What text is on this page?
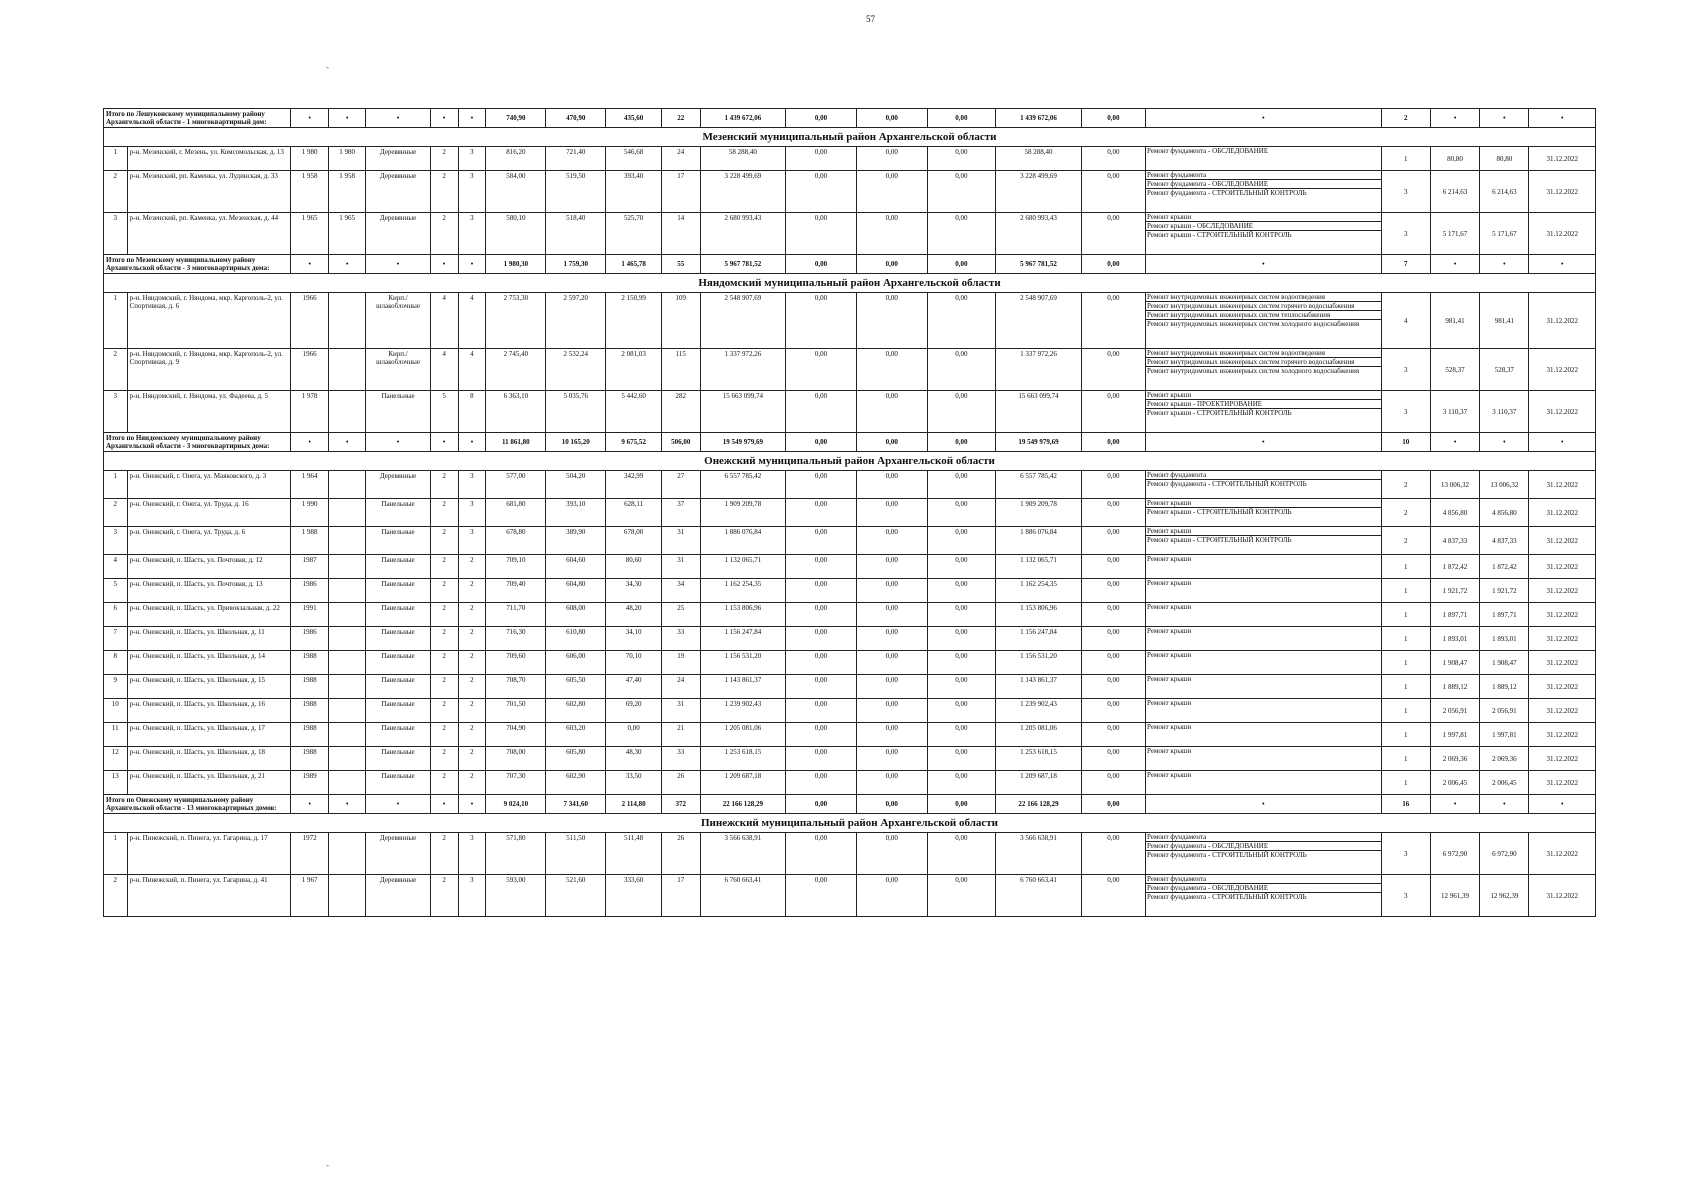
57
-
-
Итого по Лешуконскому муниципальному району Архангельской области - 1 многоквартирный дом:		•	•	•	•	•	740,90	470,90	435,60	22	1 439 672,06	0,00	0,00	0,00	1 439 672,06	0,00	•	2	•	•	•
Мезенский муниципальный район Архангельской области																					
1	р-н. Мезенский, г. Мезень, ул. Комсомольская, д. 13	1 980	1 980	Деревянные	2	3	816,20	721,40	546,68	24	58 288,40	0,00	0,00	0,00	58 288,40	0,00	Ремонт фундамента - ОБСЛЕДОВАНИЕ	1	80,80	80,80	31.12.2022
2	р-н. Мезенский, рп. Каменка, ул. Лудинская, д. 33	1 958	1 958	Деревянные	2	3	584,00	519,50	393,40	17	3 228 499,69	0,00	0,00	0,00	3 228 499,69	0,00	Ремонт фундамента
Ремонт фундамента - ОБСЛЕДОВАНИЕ
Ремонт фундамента - СТРОИТЕЛЬНЫЙ КОНТРОЛЬ	3	6 214,63	6 214,63	31.12.2022
3	р-н. Мезенский, рп. Каменка, ул. Мезенская, д. 44	1 965	1 965	Деревянные	2	3	580,10	518,40	525,70	14	2 680 993,43	0,00	0,00	0,00	2 680 993,43	0,00	Ремонт крыши
Ремонт крыши - ОБСЛЕДОВАНИЕ
Ремонт крыши - СТРОИТЕЛЬНЫЙ КОНТРОЛЬ	3	5 171,67	5 171,67	31.12.2022
Итого по Мезенскому муниципальному району Архангельской области - 3 многоквартирных дома:		•	•	•	•	•	1 980,30	1 759,30	1 465,78	55	5 967 781,52	0,00	0,00	0,00	5 967 781,52	0,00	•	7	•	•	•
Няндомский муниципальный район Архангельской области																					
1	р-н. Няндомский, г. Няндома, мкр. Каргополь-2, ул. Спортивная, д. 6	1966		Кирп./ шлакоблочные	4	4	2 753,30	2 597,20	2 150,99	109	2 548 907,69	0,00	0,00	0,00	2 548 907,69	0,00	Ремонт внутридомовых инженерных систем водоотведения
Ремонт внутридомовых инженерных систем горячего водоснабжения
Ремонт внутридомовых инженерных систем теплоснабжения
Ремонт внутридомовых инженерных систем холодного водоснабжения	4	981,41	981,41	31.12.2022
2	р-н. Няндомский, г. Няндома, мкр. Каргополь-2, ул. Спортивная, д. 9	1966		Кирп./ шлакоблочные	4	4	2 745,40	2 532,24	2 081,03	115	1 337 972,26	0,00	0,00	0,00	1 337 972,26	0,00	Ремонт внутридомовых инженерных систем водоотведения
Ремонт внутридомовых инженерных систем горячего водоснабжения
Ремонт внутридомовых инженерных систем холодного водоснабжения	3	528,37	528,37	31.12.2022
3	р-н. Няндомский, г. Няндома, ул. Фадеева, д. 5	1 978		Панельные	5	8	6 363,10	5 035,76	5 442,60	282	15 663 099,74	0,00	0,00	0,00	15 663 099,74	0,00	Ремонт крыши
Ремонт крыши - ПРОЕКТИРОВАНИЕ
Ремонт крыши - СТРОИТЕЛЬНЫЙ КОНТРОЛЬ	3	3 110,37	3 110,37	31.12.2022
Итого по Няндомскому муниципальному району Архангельской области - 3 многоквартирных дома:		•	•	•	•	•	11 861,80	10 165,20	9 675,52	506,00	19 549 979,69	0,00	0,00	0,00	19 549 979,69	0,00	•	10	•	•	•
Онежский муниципальный район Архангельской области																					
1	р-н. Онежский, г. Онега, ул. Маяковского, д. 3	1 964		Деревянные	2	3	577,00	504,20	342,99	27	6 557 785,42	0,00	0,00	0,00	6 557 785,42	0,00	Ремонт фундамента
Ремонт фундамента - СТРОИТЕЛЬНЫЙ КОНТРОЛЬ	2	13 006,32	13 006,32	31.12.2022
2	р-н. Онежский, г. Онега, ул. Труда, д. 16	1 990		Панельные	2	3	681,80	393,10	628,11	37	1 909 209,78	0,00	0,00	0,00	1 909 209,78	0,00	Ремонт крыши
Ремонт крыши - СТРОИТЕЛЬНЫЙ КОНТРОЛЬ	2	4 856,80	4 856,80	31.12.2022
3	р-н. Онежский, г. Онега, ул. Труда, д. 6	1 988		Панельные	2	3	678,80	389,90	678,00	31	1 886 076,84	0,00	0,00	0,00	1 886 076,84	0,00	Ремонт крыши
Ремонт крыши - СТРОИТЕЛЬНЫЙ КОНТРОЛЬ	2	4 837,33	4 837,33	31.12.2022
4	р-н. Онежский, п. Шасть, ул. Почтовая, д. 12	1987		Панельные	2	2	709,10	604,60	80,60	31	1 132 065,71	0,00	0,00	0,00	1 132 065,71	0,00	Ремонт крыши	1	1 872,42	1 872,42	31.12.2022
5	р-н. Онежский, п. Шасть, ул. Почтовая, д. 13	1986		Панельные	2	2	709,40	604,80	34,30	34	1 162 254,35	0,00	0,00	0,00	1 162 254,35	0,00	Ремонт крыши	1	1 921,72	1 921,72	31.12.2022
6	р-н. Онежский, п. Шасть, ул. Привокзальная, д. 22	1991		Панельные	2	2	711,70	608,00	48,20	25	1 153 806,96	0,00	0,00	0,00	1 153 806,96	0,00	Ремонт крыши	1	1 897,71	1 897,71	31.12.2022
7	р-н. Онежский, п. Шасть, ул. Школьная, д. 11	1986		Панельные	2	2	716,30	610,80	34,10	33	1 156 247,84	0,00	0,00	0,00	1 156 247,84	0,00	Ремонт крыши	1	1 893,01	1 893,01	31.12.2022
8	р-н. Онежский, п. Шасть, ул. Школьная, д. 14	1988		Панельные	2	2	709,60	606,00	70,10	19	1 156 531,20	0,00	0,00	0,00	1 156 531,20	0,00	Ремонт крыши	1	1 908,47	1 908,47	31.12.2022
9	р-н. Онежский, п. Шасть, ул. Школьная, д. 15	1988		Панельные	2	2	708,70	605,50	47,40	24	1 143 861,37	0,00	0,00	0,00	1 143 861,37	0,00	Ремонт крыши	1	1 889,12	1 889,12	31.12.2022
10	р-н. Онежский, п. Шасть, ул. Школьная, д. 16	1988		Панельные	2	2	701,50	602,80	69,20	31	1 239 902,43	0,00	0,00	0,00	1 239 902,43	0,00	Ремонт крыши	1	2 056,91	2 056,91	31.12.2022
11	р-н. Онежский, п. Шасть, ул. Школьная, д. 17	1988		Панельные	2	2	704,90	603,20	0,00	21	1 205 081,06	0,00	0,00	0,00	1 205 081,06	0,00	Ремонт крыши	1	1 997,81	1 997,81	31.12.2022
12	р-н. Онежский, п. Шасть, ул. Школьная, д. 18	1988		Панельные	2	2	708,00	605,80	48,30	33	1 253 618,15	0,00	0,00	0,00	1 253 618,15	0,00	Ремонт крыши	1	2 069,36	2 069,36	31.12.2022
13	р-н. Онежский, п. Шасть, ул. Школьная, д. 21	1989		Панельные	2	2	707,30	602,90	33,50	26	1 209 687,18	0,00	0,00	0,00	1 209 687,18	0,00	Ремонт крыши	1	2 006,45	2 006,45	31.12.2022
Итого по Онежскому муниципальному району Архангельской области - 13 многоквартирных домов:		•	•	•	•	•	9 024,10	7 341,60	2 114,80	372	22 166 128,29	0,00	0,00	0,00	22 166 128,29	0,00	•	16	•	•	•
Пинежский муниципальный район Архангельской области																					
1	р-н. Пинежский, п. Пинега, ул. Гагарина, д. 17	1972		Деревянные	2	3	571,80	511,50	511,48	26	3 566 638,91	0,00	0,00	0,00	3 566 638,91	0,00	Ремонт фундамента
Ремонт фундамента - ОБСЛЕДОВАНИЕ
Ремонт фундамента - СТРОИТЕЛЬНЫЙ КОНТРОЛЬ	3	6 972,90	6 972,90	31.12.2022
2	р-н. Пинежский, п. Пинега, ул. Гагарина, д. 41	1 967		Деревянные	2	3	593,00	521,60	333,60	17	6 760 663,41	0,00	0,00	0,00	6 760 663,41	0,00	Ремонт фундамента
Ремонт фундамента - ОБСЛЕДОВАНИЕ
Ремонт фундамента - СТРОИТЕЛЬНЫЙ КОНТРОЛЬ	3	12 961,39	12 962,39	31.12.2022
